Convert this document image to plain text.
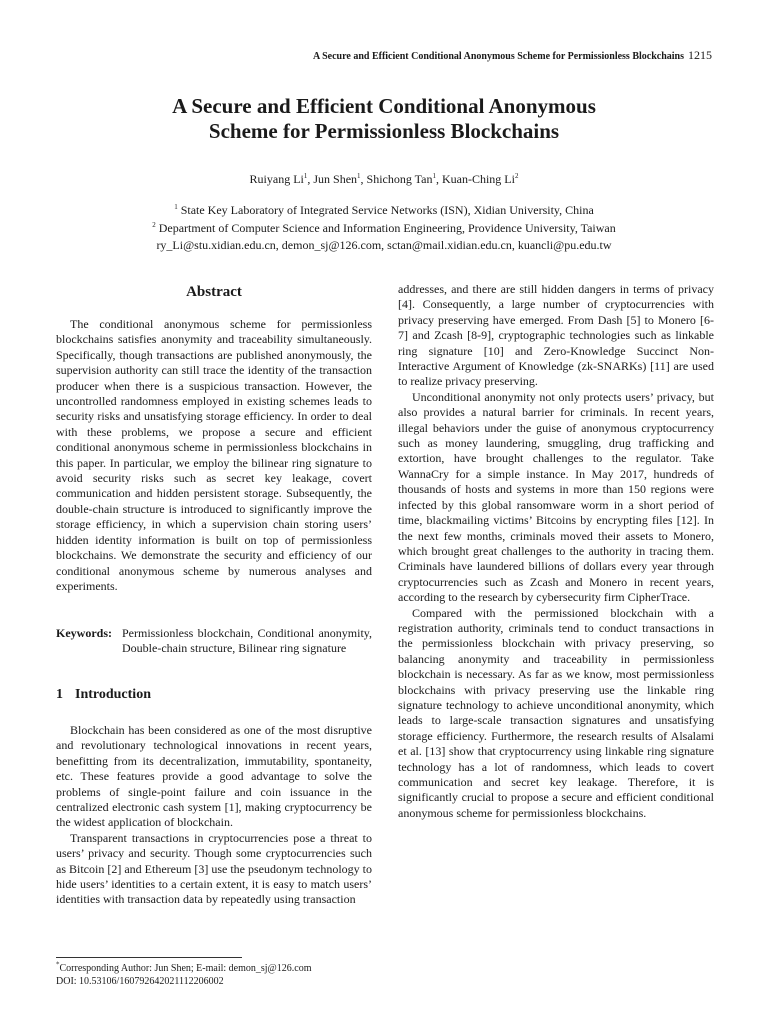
A Secure and Efficient Conditional Anonymous Scheme for Permissionless Blockchains 1215
A Secure and Efficient Conditional Anonymous
Scheme for Permissionless Blockchains
Ruiyang Li$^1$, Jun Shen$^1$, Shichong Tan$^1$, Kuan-Ching Li$^2$
$^1$ State Key Laboratory of Integrated Service Networks (ISN), Xidian University, China
$^2$ Department of Computer Science and Information Engineering, Providence University, Taiwan
ry_Li@stu.xidian.edu.cn, demon_sj@126.com, sctan@mail.xidian.edu.cn, kuancli@pu.edu.tw
Abstract

The conditional anonymous scheme for permissionless blockchains satisfies anonymity and traceability simultaneously. Specifically, though transactions are published anonymously, the supervision authority can still trace the identity of the transaction producer when there is a suspicious transaction. However, the uncontrolled randomness employed in existing schemes leads to security risks and unsatisfying storage efficiency. In order to deal with these problems, we propose a secure and efficient conditional anonymous scheme in permissionless blockchains in this paper. In particular, we employ the bilinear ring signature to avoid security risks such as secret key leakage, covert communication and hidden persistent storage. Subsequently, the double-chain structure is introduced to significantly improve the storage efficiency, in which a supervision chain storing users’ hidden identity information is built on top of permissionless blockchains. We demonstrate the security and efficiency of our conditional anonymous scheme by numerous analyses and experiments.

Keywords: Permissionless blockchain, Conditional anonymity, Double-chain structure, Bilinear ring signature
1 Introduction

Blockchain has been considered as one of the most disruptive and revolutionary technological innovations in recent years, benefitting from its decentralization, immutability, spontaneity, etc. These features provide a good advantage to solve the problems of single-point failure and coin issuance in the centralized electronic cash system [1], making cryptocurrency be the widest application of blockchain.

Transparent transactions in cryptocurrencies pose a threat to users’ privacy and security. Though some cryptocurrencies such as Bitcoin [2] and Ethereum [3] use the pseudonym technology to hide users’ identities to a certain extent, it is easy to match users’ identities with transaction data by repeatedly using transaction

addresses, and there are still hidden dangers in terms of privacy [4]. Consequently, a large number of cryptocurrencies with privacy preserving have emerged. From Dash [5] to Monero [6-7] and Zcash [8-9], cryptographic technologies such as linkable ring signature [10] and Zero-Knowledge Succinct Non-Interactive Argument of Knowledge (zk-SNARKs) [11] are used to realize privacy preserving.

Unconditional anonymity not only protects users’ privacy, but also provides a natural barrier for criminals. In recent years, illegal behaviors under the guise of anonymous cryptocurrency such as money laundering, smuggling, drug trafficking and extortion, have brought challenges to the regulator. Take WannaCry for a simple instance. In May 2017, hundreds of thousands of hosts and systems in more than 150 regions were infected by this global ransomware worm in a short period of time, blackmailing victims’ Bitcoins by encrypting files [12]. In the next few months, criminals moved their assets to Monero, which brought great challenges to the authority in tracing them. Criminals have laundered billions of dollars every year through cryptocurrencies such as Zcash and Monero in recent years, according to the research by cybersecurity firm CipherTrace.

Compared with the permissioned blockchain with a registration authority, criminals tend to conduct transactions in the permissionless blockchain with privacy preserving, so balancing anonymity and traceability in permissionless blockchain is necessary. As far as we know, most permissionless blockchains with privacy preserving use the linkable ring signature technology to achieve unconditional anonymity, which leads to large-scale transaction signatures and unsatisfying storage efficiency. Furthermore, the research results of Alsalami et al. [13] show that cryptocurrency using linkable ring signature technology has a lot of randomness, which leads to covert communication and secret key leakage. Therefore, it is significantly crucial to propose a secure and efficient conditional anonymous scheme for permissionless blockchains.

*Corresponding Author: Jun Shen; E-mail: demon_sj@126.com
DOI: 10.53106/160792642021112206002
